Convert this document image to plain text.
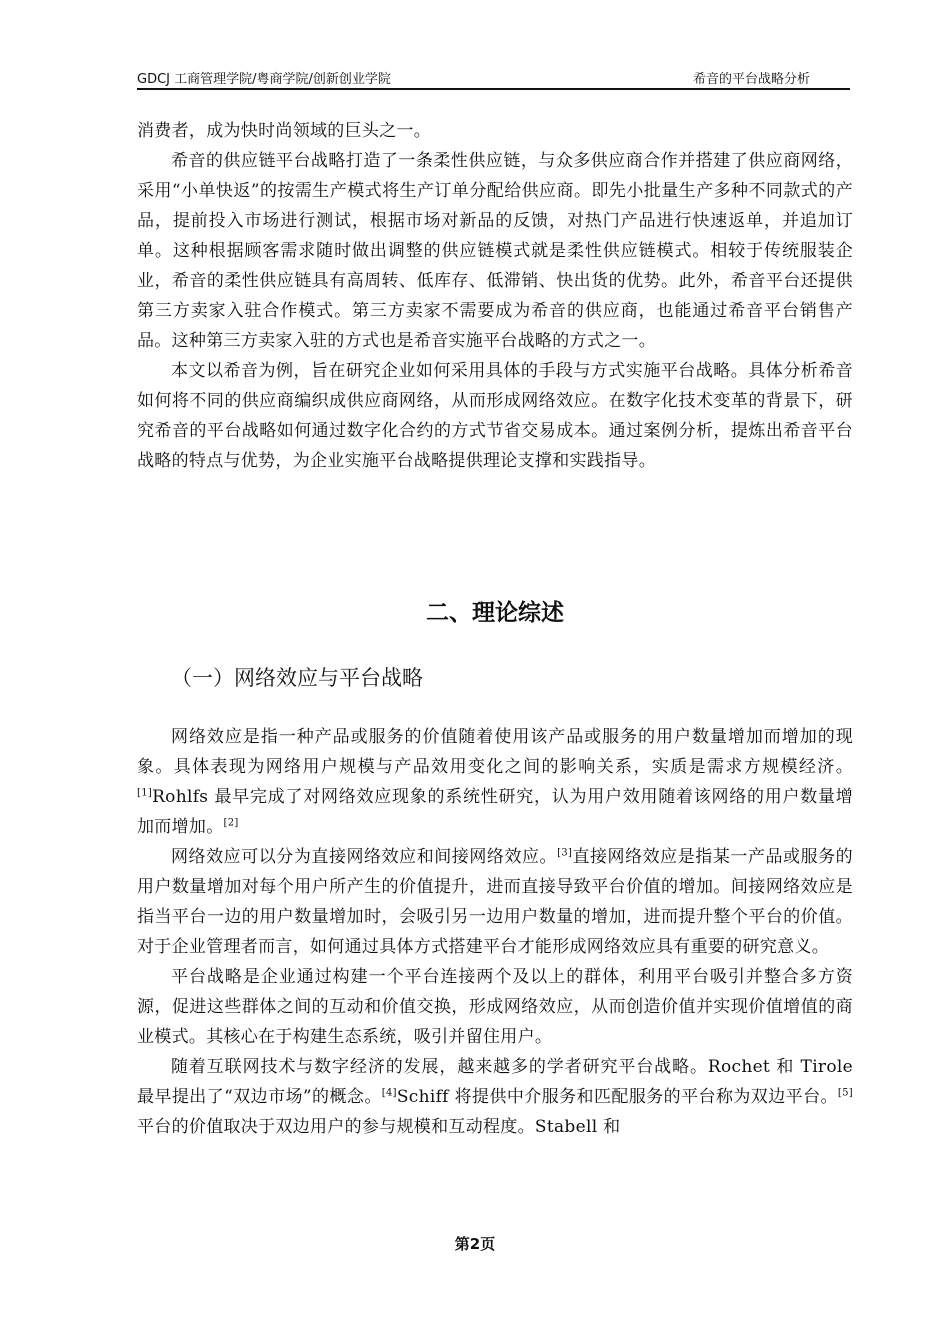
GDCJ 工商管理学院/粤商学院/创新创业学院	希音的平台战略分析

消费者，成为快时尚领域的巨头之一。

希音的供应链平台战略打造了一条柔性供应链，与众多供应商合作并搭建了供应商网络，采用“小单快返”的按需生产模式将生产订单分配给供应商。即先小批量生产多种不同款式的产品，提前投入市场进行测试，根据市场对新品的反馈，对热门产品进行快速返单，并追加订单。这种根据顾客需求随时做出调整的供应链模式就是柔性供应链模式。相较于传统服装企业，希音的柔性供应链具有高周转、低库存、低滞销、快出货的优势。此外，希音平台还提供第三方卖家入驻合作模式。第三方卖家不需要成为希音的供应商，也能通过希音平台销售产品。这种第三方卖家入驻的方式也是希音实施平台战略的方式之一。

本文以希音为例，旨在研究企业如何采用具体的手段与方式实施平台战略。具体分析希音如何将不同的供应商编织成供应商网络，从而形成网络效应。在数字化技术变革的背景下，研究希音的平台战略如何通过数字化合约的方式节省交易成本。通过案例分析，提炼出希音平台战略的特点与优势，为企业实施平台战略提供理论支撑和实践指导。

二、理论综述
（一）网络效应与平台战略

网络效应是指一种产品或服务的价值随着使用该产品或服务的用户数量增加而增加的现象。具体表现为网络用户规模与产品效用变化之间的影响关系，实质是需求方规模经济。[1]Rohlfs 最早完成了对网络效应现象的系统性研究，认为用户效用随着该网络的用户数量增加而增加。[2]

网络效应可以分为直接网络效应和间接网络效应。[3]直接网络效应是指某一产品或服务的用户数量增加对每个用户所产生的价值提升，进而直接导致平台价值的增加。间接网络效应是指当平台一边的用户数量增加时，会吸引另一边用户数量的增加，进而提升整个平台的价值。对于企业管理者而言，如何通过具体方式搭建平台才能形成网络效应具有重要的研究意义。

平台战略是企业通过构建一个平台连接两个及以上的群体，利用平台吸引并整合多方资源，促进这些群体之间的互动和价值交换，形成网络效应，从而创造价值并实现价值增值的商业模式。其核心在于构建生态系统，吸引并留住用户。

随着互联网技术与数字经济的发展，越来越多的学者研究平台战略。Rochet 和 Tirole 最早提出了“双边市场”的概念。[4]Schiff 将提供中介服务和匹配服务的平台称为双边平台。[5]平台的价值取决于双边用户的参与规模和互动程度。Stabell 和

第2页
